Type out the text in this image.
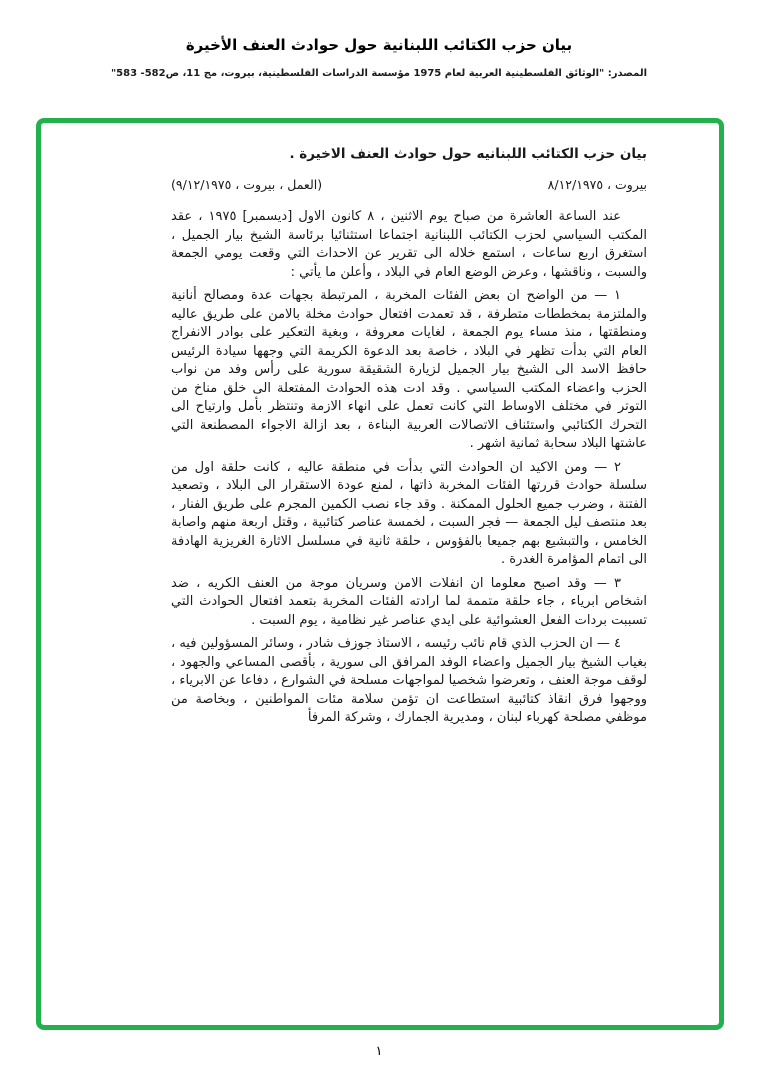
بيان حزب الكتائب اللبنانية حول حوادث العنف الأخيرة
المصدر: "الوثائق الفلسطينية العربية لعام 1975 مؤسسة الدراسات الفلسطينية، بيروت، مج 11، ص582- 583"
بيان حزب الكتائب اللبنانيه حول حوادث العنف الاخيرة .
بيروت ، ٨/١٢/١٩٧٥
(العمل ، بيروت ، ٩/١٢/١٩٧٥)

عند الساعة العاشرة من صباح يوم الاثنين ، ٨ كانون الاول [ديسمبر] ١٩٧٥ ، عقد المكتب السياسي لحزب الكتائب اللبنانية اجتماعا استثنائيا برئاسة الشيخ بيار الجميل ، استغرق اربع ساعات ، استمع خلاله الى تقرير عن الاحداث التي وقعت يومي الجمعة والسبت ، وناقشها ، وعرض الوضع العام في البلاد ، وأعلن ما يأتي :

١ — من الواضح ان بعض الفئات المخربة ، المرتبطة بجهات عدة ومصالح أنانية والملتزمة بمخططات متطرفة ، قد تعمدت افتعال حوادث مخلة بالامن على طريق عاليه ومنطقتها ، منذ مساء يوم الجمعة ، لغايات معروفة ، وبغية التعكير على بوادر الانفراج العام التي بدأت تظهر في البلاد ، خاصة بعد الدعوة الكريمة التي وجهها سيادة الرئيس حافظ الاسد الى الشيخ بيار الجميل لزيارة الشقيقة سورية على رأس وفد من نواب الحزب واعضاء المكتب السياسي . وقد ادت هذه الحوادث المفتعلة الى خلق مناخ من التوتر في مختلف الاوساط التي كانت تعمل على انهاء الازمة وتنتظر بأمل وارتياح الى التحرك الكتائبي واستئناف الاتصالات العربية البناءة ، بعد ازالة الاجواء المصطنعة التي عاشتها البلاد سحابة ثمانية اشهر .

٢ — ومن الاكيد ان الحوادث التي بدأت في منطقة عاليه ، كانت حلقة اول من سلسلة حوادث قررتها الفئات المخربة ذاتها ، لمنع عودة الاستقرار الى البلاد ، وتصعيد الفتنة ، وضرب جميع الحلول الممكنة . وقد جاء نصب الكمين المجرم على طريق الفنار ، بعد منتصف ليل الجمعة — فجر السبت ، لخمسة عناصر كتائبية ، وقتل اربعة منهم واصابة الخامس ، والتبشيع بهم جميعا بالفؤوس ، حلقة ثانية في مسلسل الاثارة الغريزية الهادفة الى اتمام المؤامرة الغدرة .

٣ — وقد اصبح معلوما ان انفلات الامن وسريان موجة من العنف الكريه ، ضد اشخاص ابرياء ، جاء حلقة متممة لما ارادته الفئات المخربة بتعمد افتعال الحوادث التي تسببت بردات الفعل العشوائية على ايدي عناصر غير نظامية ، يوم السبت .

٤ — ان الحزب الذي قام نائب رئيسه ، الاستاذ جوزف شادر ، وسائر المسؤولين فيه ، بغياب الشيخ بيار الجميل واعضاء الوفد المرافق الى سورية ، بأقصى المساعي والجهود ، لوقف موجة العنف ، وتعرضوا شخصيا لمواجهات مسلحة في الشوارع ، دفاعا عن الابرياء ، ووجهوا فرق انقاذ كتائبية استطاعت ان تؤمن سلامة مئات المواطنين ، وبخاصة من موظفي مصلحة كهرباء لبنان ، ومديرية الجمارك ، وشركة المرفأ

١
